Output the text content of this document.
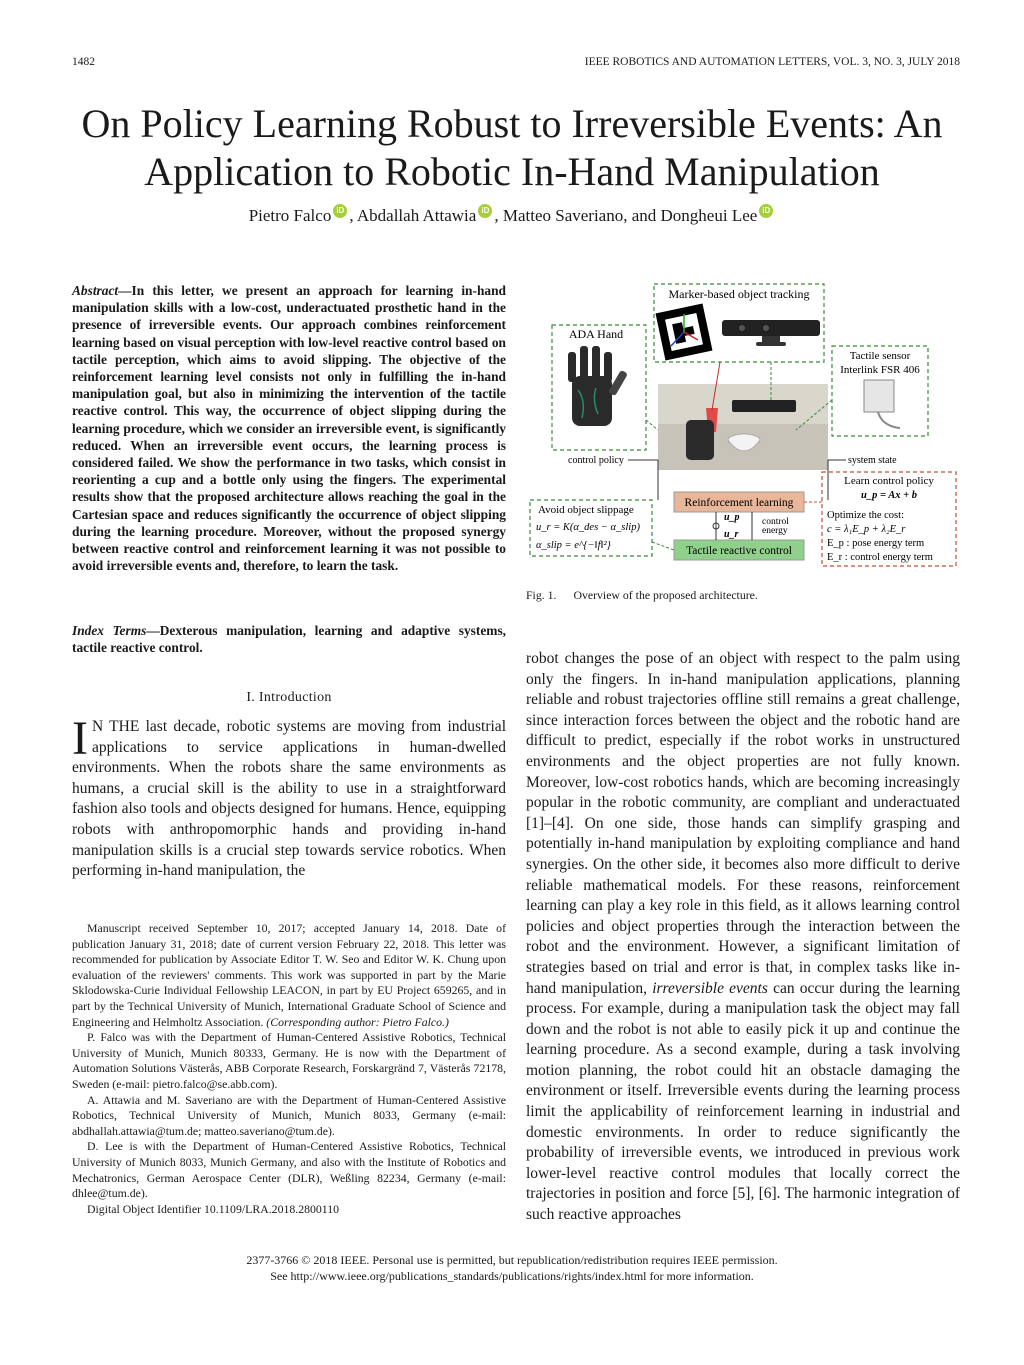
1482	IEEE ROBOTICS AND AUTOMATION LETTERS, VOL. 3, NO. 3, JULY 2018
On Policy Learning Robust to Irreversible Events: An
Application to Robotic In-Hand Manipulation
Pietro Falco iD , Abdallah Attawia iD , Matteo Saveriano, and Dongheui Lee iD
Abstract—In this letter, we present an approach for learning in-hand manipulation skills with a low-cost, underactuated prosthetic hand in the presence of irreversible events. Our approach combines reinforcement learning based on visual perception with low-level reactive control based on tactile perception, which aims to avoid slipping. The objective of the reinforcement learning level consists not only in fulfilling the in-hand manipulation goal, but also in minimizing the intervention of the tactile reactive control. This way, the occurrence of object slipping during the learning procedure, which we consider an irreversible event, is significantly reduced. When an irreversible event occurs, the learning process is considered failed. We show the performance in two tasks, which consist in reorienting a cup and a bottle only using the fingers. The experimental results show that the proposed architecture allows reaching the goal in the Cartesian space and reduces significantly the occurrence of object slipping during the learning procedure. Moreover, without the proposed synergy between reactive control and reinforcement learning it was not possible to avoid irreversible events and, therefore, to learn the task.
Index Terms—Dexterous manipulation, learning and adaptive systems, tactile reactive control.
I. Introduction
I N THE last decade, robotic systems are moving from industrial applications to service applications in human-dwelled environments. When the robots share the same environments as humans, a crucial skill is the ability to use in a straightforward fashion also tools and objects designed for humans. Hence, equipping robots with anthropomorphic hands and providing in-hand manipulation skills is a crucial step towards service robotics. When performing in-hand manipulation, the

Manuscript received September 10, 2017; accepted January 14, 2018. Date of publication January 31, 2018; date of current version February 22, 2018. This letter was recommended for publication by Associate Editor T. W. Seo and Editor W. K. Chung upon evaluation of the reviewers' comments. This work was supported in part by the Marie Sklodowska-Curie Individual Fellowship LEACON, in part by EU Project 659265, and in part by the Technical University of Munich, International Graduate School of Science and Engineering and Helmholtz Association. (Corresponding author: Pietro Falco.)

P. Falco was with the Department of Human-Centered Assistive Robotics, Technical University of Munich, Munich 80333, Germany. He is now with the Department of Automation Solutions Västerås, ABB Corporate Research, Forskargränd 7, Västerås 72178, Sweden (e-mail: pietro.falco@se.abb.com).

A. Attawia and M. Saveriano are with the Department of Human-Centered Assistive Robotics, Technical University of Munich, Munich 8033, Germany (e-mail: abdhallah.attawia@tum.de; matteo.saveriano@tum.de).

D. Lee is with the Department of Human-Centered Assistive Robotics, Technical University of Munich 8033, Munich Germany, and also with the Institute of Robotics and Mechatronics, German Aerospace Center (DLR), Weßling 82234, Germany (e-mail: dhlee@tum.de).

Digital Object Identifier 10.1109/LRA.2018.2800110

Marker-based object tracking
ADA Hand
Tactile sensor
Interlink FSR 406
control policy	system state
Avoid object slippage
u_r = K(α_des − α_slip)
α_slip = e^{−‖f‖²}
Reinforcement learning
Tactile reactive control
u_p
u_r
control
energy
Learn control policy
u_p = Ax + b
Optimize the cost:
c = λ₁E_p + λ₂E_r
E_p : pose energy term
E_r : control energy term
Fig. 1. Overview of the proposed architecture.
robot changes the pose of an object with respect to the palm using only the fingers. In in-hand manipulation applications, planning reliable and robust trajectories offline still remains a great challenge, since interaction forces between the object and the robotic hand are difficult to predict, especially if the robot works in unstructured environments and the object properties are not fully known. Moreover, low-cost robotics hands, which are becoming increasingly popular in the robotic community, are compliant and underactuated [1]–[4]. On one side, those hands can simplify grasping and potentially in-hand manipulation by exploiting compliance and hand synergies. On the other side, it becomes also more difficult to derive reliable mathematical models. For these reasons, reinforcement learning can play a key role in this field, as it allows learning control policies and object properties through the interaction between the robot and the environment. However, a significant limitation of strategies based on trial and error is that, in complex tasks like in-hand manipulation, irreversible events can occur during the learning process. For example, during a manipulation task the object may fall down and the robot is not able to easily pick it up and continue the learning procedure. As a second example, during a task involving motion planning, the robot could hit an obstacle damaging the environment or itself. Irreversible events during the learning process limit the applicability of reinforcement learning in industrial and domestic environments. In order to reduce significantly the probability of irreversible events, we introduced in previous work lower-level reactive control modules that locally correct the trajectories in position and force [5], [6]. The harmonic integration of such reactive approaches
2377-3766 © 2018 IEEE. Personal use is permitted, but republication/redistribution requires IEEE permission.
See http://www.ieee.org/publications_standards/publications/rights/index.html for more information.
